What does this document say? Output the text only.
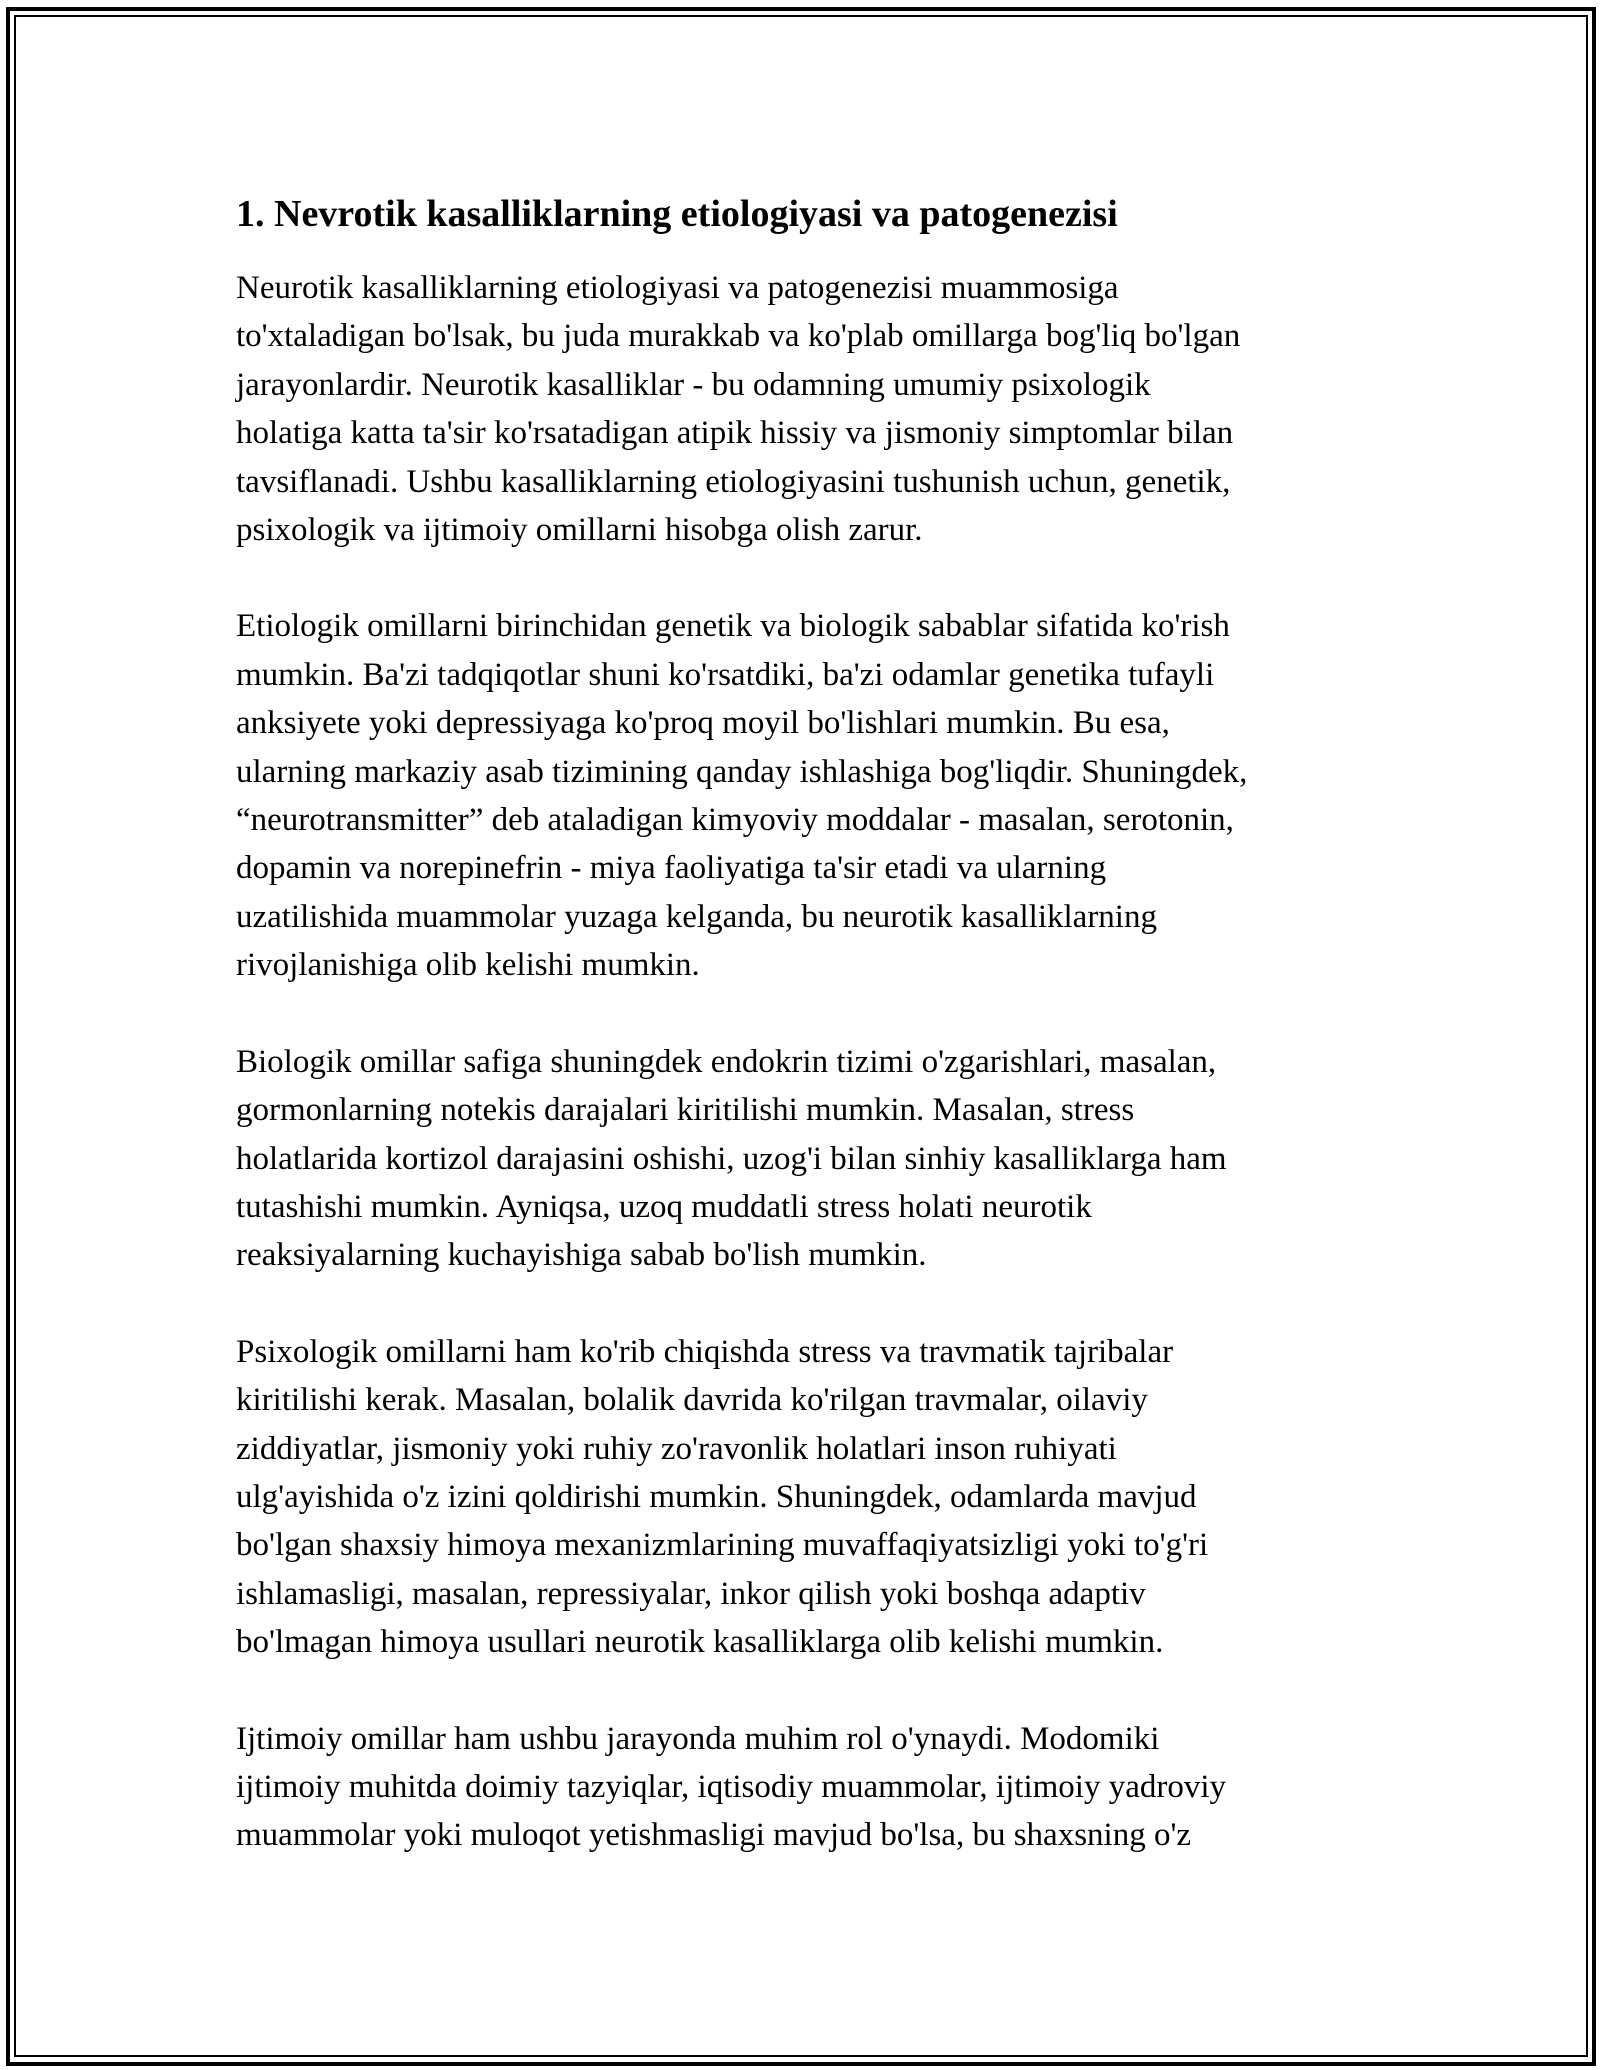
1. Nevrotik kasalliklarning etiologiyasi va patogenezisi

Neurotik kasalliklarning etiologiyasi va patogenezisi muammosiga
to'xtaladigan bo'lsak, bu juda murakkab va ko'plab omillarga bog'liq bo'lgan
jarayonlardir. Neurotik kasalliklar - bu odamning umumiy psixologik
holatiga katta ta'sir ko'rsatadigan atipik hissiy va jismoniy simptomlar bilan
tavsiflanadi. Ushbu kasalliklarning etiologiyasini tushunish uchun, genetik,
psixologik va ijtimoiy omillarni hisobga olish zarur.

Etiologik omillarni birinchidan genetik va biologik sabablar sifatida ko'rish
mumkin. Ba'zi tadqiqotlar shuni ko'rsatdiki, ba'zi odamlar genetika tufayli
anksiyete yoki depressiyaga ko'proq moyil bo'lishlari mumkin. Bu esa,
ularning markaziy asab tizimining qanday ishlashiga bog'liqdir. Shuningdek,
“neurotransmitter” deb ataladigan kimyoviy moddalar - masalan, serotonin,
dopamin va norepinefrin - miya faoliyatiga ta'sir etadi va ularning
uzatilishida muammolar yuzaga kelganda, bu neurotik kasalliklarning
rivojlanishiga olib kelishi mumkin.

Biologik omillar safiga shuningdek endokrin tizimi o'zgarishlari, masalan,
gormonlarning notekis darajalari kiritilishi mumkin. Masalan, stress
holatlarida kortizol darajasini oshishi, uzog'i bilan sinhiy kasalliklarga ham
tutashishi mumkin. Ayniqsa, uzoq muddatli stress holati neurotik
reaksiyalarning kuchayishiga sabab bo'lish mumkin.

Psixologik omillarni ham ko'rib chiqishda stress va travmatik tajribalar
kiritilishi kerak. Masalan, bolalik davrida ko'rilgan travmalar, oilaviy
ziddiyatlar, jismoniy yoki ruhiy zo'ravonlik holatlari inson ruhiyati
ulg'ayishida o'z izini qoldirishi mumkin. Shuningdek, odamlarda mavjud
bo'lgan shaxsiy himoya mexanizmlarining muvaffaqiyatsizligi yoki to'g'ri
ishlamasligi, masalan, repressiyalar, inkor qilish yoki boshqa adaptiv
bo'lmagan himoya usullari neurotik kasalliklarga olib kelishi mumkin.

Ijtimoiy omillar ham ushbu jarayonda muhim rol o'ynaydi. Modomiki
ijtimoiy muhitda doimiy tazyiqlar, iqtisodiy muammolar, ijtimoiy yadroviy
muammolar yoki muloqot yetishmasligi mavjud bo'lsa, bu shaxsning o'z
